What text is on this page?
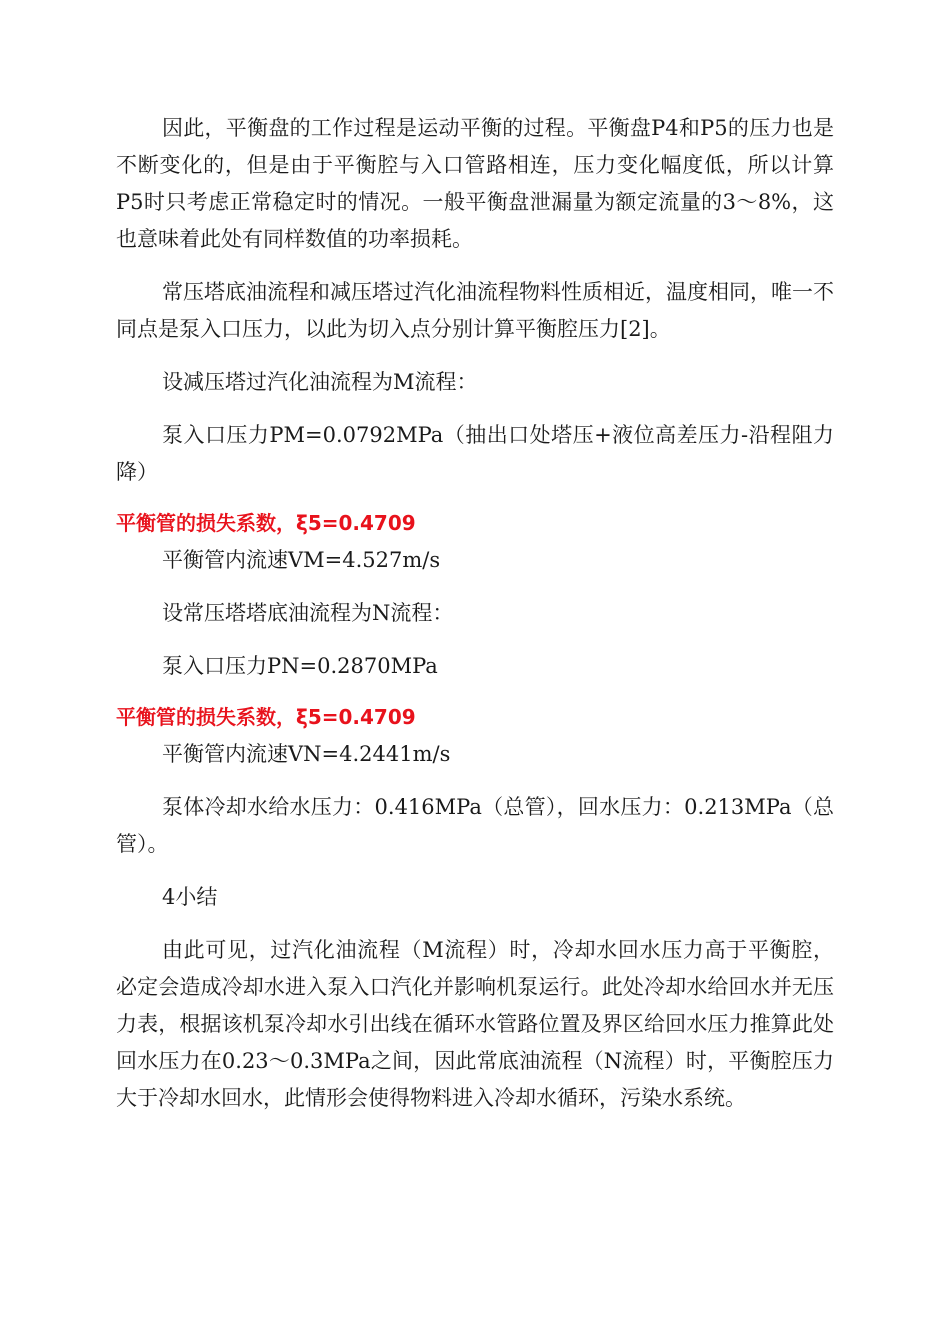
因此，平衡盘的工作过程是运动平衡的过程。平衡盘P4和P5的压力也是不断变化的，但是由于平衡腔与入口管路相连，压力变化幅度低，所以计算P5时只考虑正常稳定时的情况。一般平衡盘泄漏量为额定流量的3～8%，这也意味着此处有同样数值的功率损耗。

常压塔底油流程和减压塔过汽化油流程物料性质相近，温度相同，唯一不同点是泵入口压力，以此为切入点分别计算平衡腔压力[2]。

设减压塔过汽化油流程为M流程：

泵入口压力PM=0.0792MPa（抽出口处塔压+液位高差压力-沿程阻力降）

平衡管的损失系数，ξ5=0.4709

平衡管内流速VM=4.527m/s

设常压塔塔底油流程为N流程：

泵入口压力PN=0.2870MPa

平衡管的损失系数，ξ5=0.4709

平衡管内流速VN=4.2441m/s

泵体冷却水给水压力：0.416MPa（总管），回水压力：0.213MPa（总管）。

4小结

由此可见，过汽化油流程（M流程）时，冷却水回水压力高于平衡腔，必定会造成冷却水进入泵入口汽化并影响机泵运行。此处冷却水给回水并无压力表，根据该机泵冷却水引出线在循环水管路位置及界区给回水压力推算此处回水压力在0.23～0.3MPa之间，因此常底油流程（N流程）时，平衡腔压力大于冷却水回水，此情形会使得物料进入冷却水循环，污染水系统。
